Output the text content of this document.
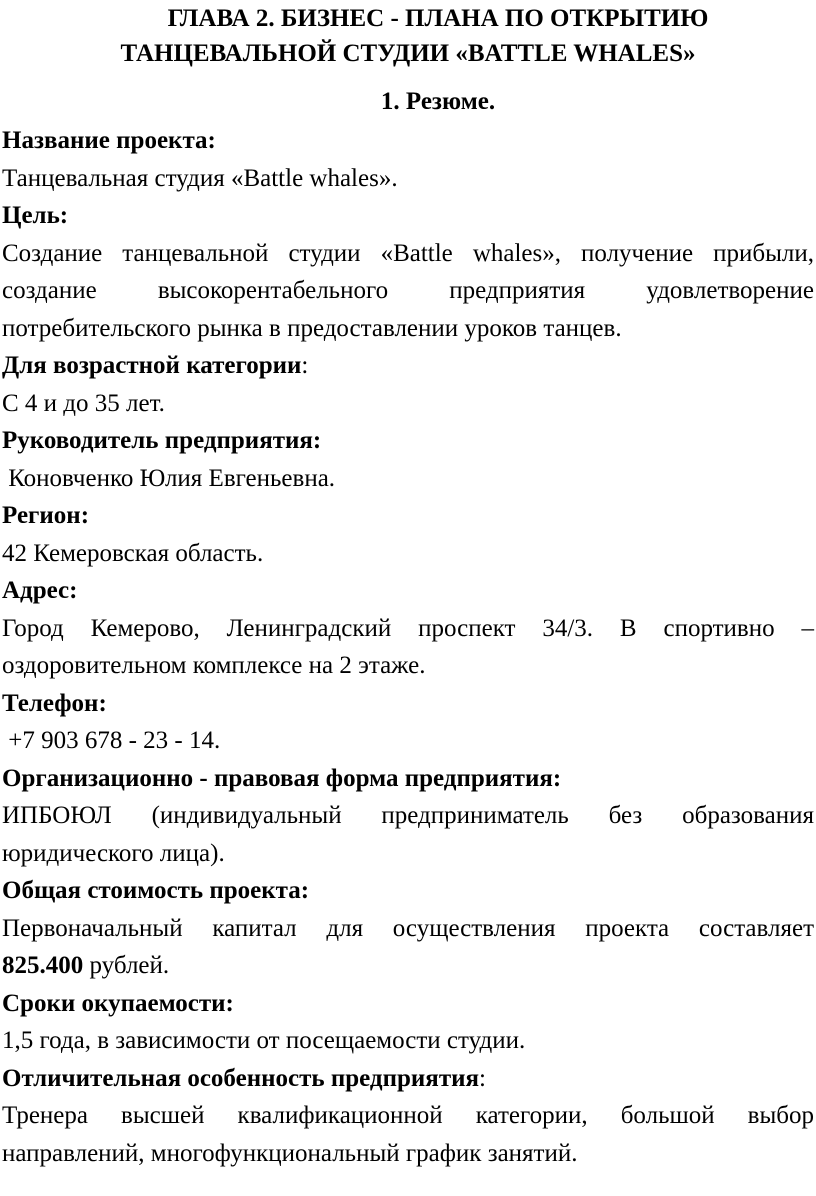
ГЛАВА 2. БИЗНЕС - ПЛАНА ПО ОТКРЫТИЮ
ТАНЦЕВАЛЬНОЙ СТУДИИ «BATTLE WHALES»
1. Резюме.

Название проекта:

Танцевальная студия «Battle whales».

Цель:

Создание танцевальной студии «Battle whales», получение прибыли,

создание высокорентабельного предприятия удовлетворение

потребительского рынка в предоставлении уроков танцев.

Для возрастной категории:

С 4 и до 35 лет.

Руководитель предприятия:

Коновченко Юлия Евгеньевна.

Регион:

42 Кемеровская область.

Адрес:

Город Кемерово, Ленинградский проспект 34/3. В спортивно –

оздоровительном комплексе на 2 этаже.

Телефон:

+7 903 678 - 23 - 14.

Организационно - правовая форма предприятия:

ИПБОЮЛ (индивидуальный предприниматель без образования

юридического лица).

Общая стоимость проекта:

Первоначальный капитал для осуществления проекта составляет

825.400 рублей.

Сроки окупаемости:

1,5 года, в зависимости от посещаемости студии.

Отличительная особенность предприятия:

Тренера высшей квалификационной категории, большой выбор

направлений, многофункциональный график занятий.
